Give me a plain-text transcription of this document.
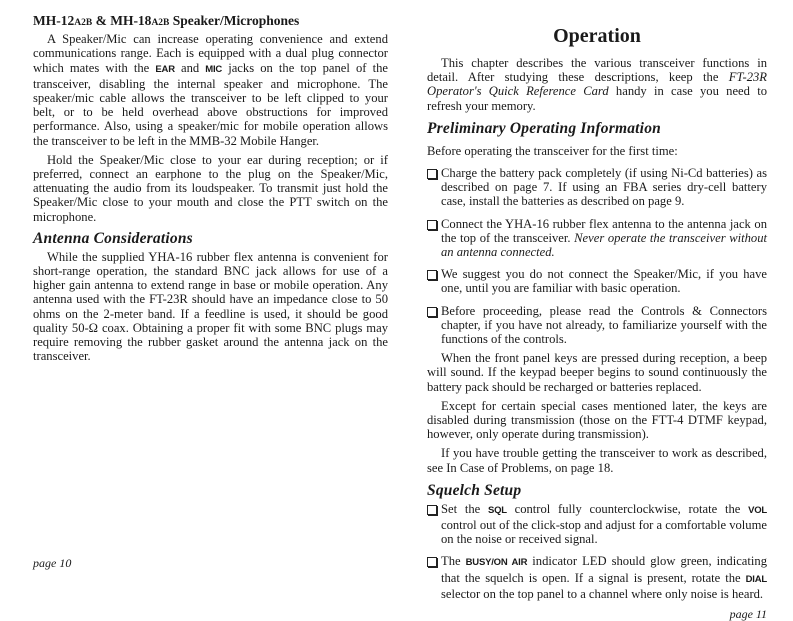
MH-12A2B & MH-18A2B Speaker/Microphones

A Speaker/Mic can increase operating convenience and extend communications range. Each is equipped with a dual plug connector which mates with the EAR and MIC jacks on the top panel of the transceiver, disabling the internal speaker and microphone. The speaker/mic cable allows the transceiver to be left clipped to your belt, or to be held overhead above obstructions for improved performance. Also, using a speaker/mic for mobile operation allows the transceiver to be left in the MMB-32 Mobile Hanger.

Hold the Speaker/Mic close to your ear during reception; or if preferred, connect an earphone to the plug on the Speaker/Mic, attenuating the audio from its loudspeaker. To transmit just hold the Speaker/Mic close to your mouth and close the PTT switch on the microphone.

Antenna Considerations

While the supplied YHA-16 rubber flex antenna is convenient for short-range operation, the standard BNC jack allows for use of a higher gain antenna to extend range in base or mobile operation. Any antenna used with the FT-23R should have an impedance close to 50 ohms on the 2-meter band. If a feedline is used, it should be good quality 50-Ω coax. Obtaining a proper fit with some BNC plugs may require removing the rubber gasket around the antenna jack on the transceiver.

page 10
Operation

This chapter describes the various transceiver functions in detail. After studying these descriptions, keep the FT-23R Operator's Quick Reference Card handy in case you need to refresh your memory.

Preliminary Operating Information

Before operating the transceiver for the first time:

Charge the battery pack completely (if using Ni-Cd batteries) as described on page 7. If using an FBA series dry-cell battery case, install the batteries as described on page 9.
Connect the YHA-16 rubber flex antenna to the antenna jack on the top of the transceiver. Never operate the transceiver without an antenna connected.
We suggest you do not connect the Speaker/Mic, if you have one, until you are familiar with basic operation.
Before proceeding, please read the Controls & Connectors chapter, if you have not already, to familiarize yourself with the functions of the controls.

When the front panel keys are pressed during reception, a beep will sound. If the keypad beeper begins to sound continuously the battery pack should be recharged or batteries replaced.

Except for certain special cases mentioned later, the keys are disabled during transmission (those on the FTT-4 DTMF keypad, however, only operate during transmission).

If you have trouble getting the transceiver to work as described, see In Case of Problems, on page 18.

Squelch Setup
Set the SQL control fully counterclockwise, rotate the VOL control out of the click-stop and adjust for a comfortable volume on the noise or received signal.
The BUSY/ON AIR indicator LED should glow green, indicating that the squelch is open. If a signal is present, rotate the DIAL selector on the top panel to a channel where only noise is heard.
page 11
